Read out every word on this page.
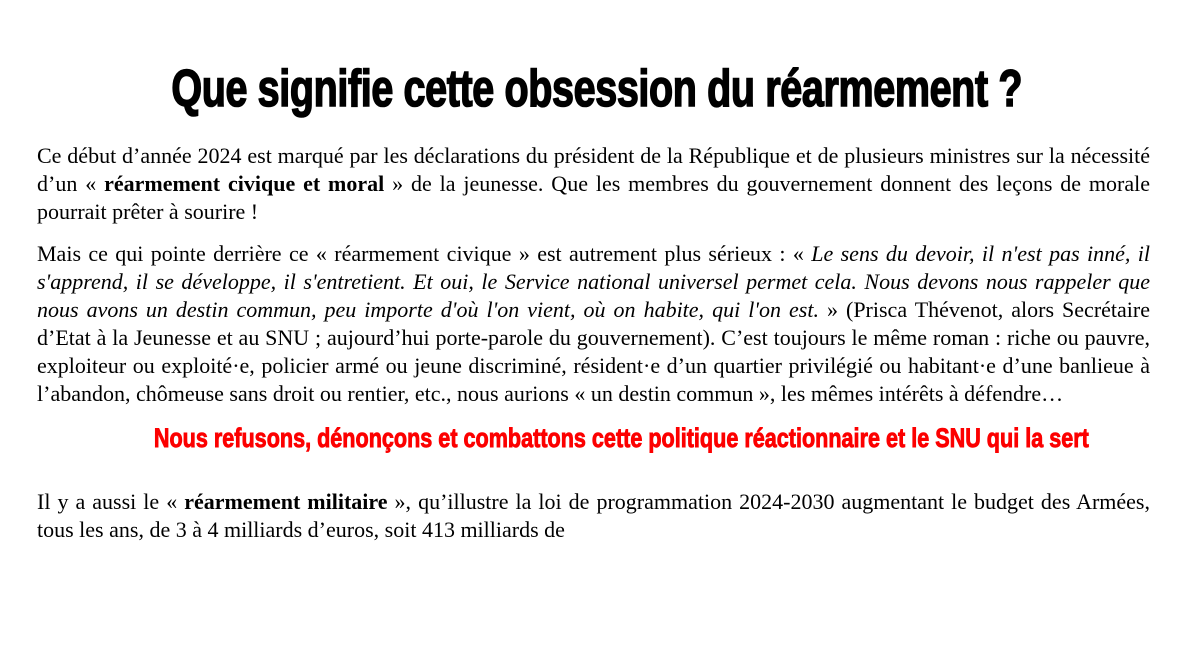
Que signifie cette obsession du réarmement ?

Ce début d’année 2024 est marqué par les déclarations du président de la République et de plusieurs ministres sur la nécessité d’un « réarmement civique et moral » de la jeunesse. Que les membres du gouvernement donnent des leçons de morale pourrait prêter à sourire !

Mais ce qui pointe derrière ce « réarmement civique » est autrement plus sérieux : « Le sens du devoir, il n'est pas inné, il s'apprend, il se développe, il s'entretient. Et oui, le Service national universel permet cela. Nous devons nous rappeler que nous avons un destin commun, peu importe d'où l'on vient, où on habite, qui l'on est. » (Prisca Thévenot, alors Secrétaire d’Etat à la Jeunesse et au SNU ; aujourd’hui porte-parole du gouvernement). C’est toujours le même roman : riche ou pauvre, exploiteur ou exploité·e, policier armé ou jeune discriminé, résident·e d’un quartier privilégié ou habitant·e d’une banlieue à l’abandon, chômeuse sans droit ou rentier, etc., nous aurions « un destin commun », les mêmes intérêts à défendre…

Nous refusons, dénonçons et combattons cette politique réactionnaire et le SNU qui la sert

Il y a aussi le « réarmement militaire », qu’illustre la loi de programmation 2024-2030 augmentant le budget des Armées, tous les ans, de 3 à 4 milliards d’euros, soit 413 milliards de
